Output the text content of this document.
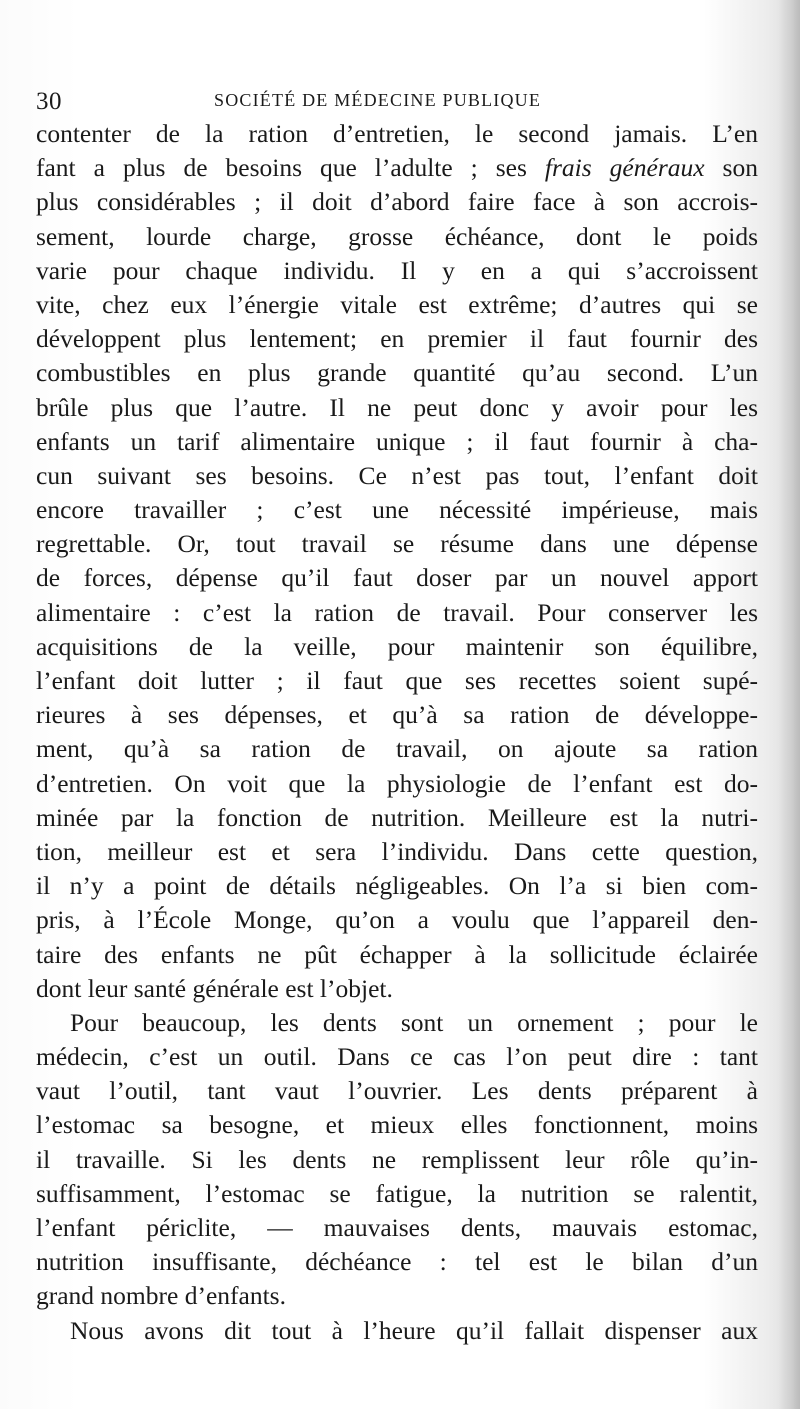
30	SOCIÉTÉ DE MÉDECINE PUBLIQUE
contenter de la ration d’entretien, le second jamais. L’en
fant a plus de besoins que l’adulte ; ses frais généraux son
plus considérables ; il doit d’abord faire face à son accrois-
sement, lourde charge, grosse échéance, dont le poids
varie pour chaque individu. Il y en a qui s’accroissent
vite, chez eux l’énergie vitale est extrême; d’autres qui se
développent plus lentement; en premier il faut fournir des
combustibles en plus grande quantité qu’au second. L’un
brûle plus que l’autre. Il ne peut donc y avoir pour les
enfants un tarif alimentaire unique ; il faut fournir à cha-
cun suivant ses besoins. Ce n’est pas tout, l’enfant doit
encore travailler ; c’est une nécessité impérieuse, mais
regrettable. Or, tout travail se résume dans une dépense
de forces, dépense qu’il faut doser par un nouvel apport
alimentaire : c’est la ration de travail. Pour conserver les
acquisitions de la veille, pour maintenir son équilibre,
l’enfant doit lutter ; il faut que ses recettes soient supé-
rieures à ses dépenses, et qu’à sa ration de développe-
ment, qu’à sa ration de travail, on ajoute sa ration
d’entretien. On voit que la physiologie de l’enfant est do-
minée par la fonction de nutrition. Meilleure est la nutri-
tion, meilleur est et sera l’individu. Dans cette question,
il n’y a point de détails négligeables. On l’a si bien com-
pris, à l’École Monge, qu’on a voulu que l’appareil den-
taire des enfants ne pût échapper à la sollicitude éclairée
dont leur santé générale est l’objet.
Pour beaucoup, les dents sont un ornement ; pour le
médecin, c’est un outil. Dans ce cas l’on peut dire : tant
vaut l’outil, tant vaut l’ouvrier. Les dents préparent à
l’estomac sa besogne, et mieux elles fonctionnent, moins
il travaille. Si les dents ne remplissent leur rôle qu’in-
suffisamment, l’estomac se fatigue, la nutrition se ralentit,
l’enfant périclite, — mauvaises dents, mauvais estomac,
nutrition insuffisante, déchéance : tel est le bilan d’un
grand nombre d’enfants.
Nous avons dit tout à l’heure qu’il fallait dispenser aux
